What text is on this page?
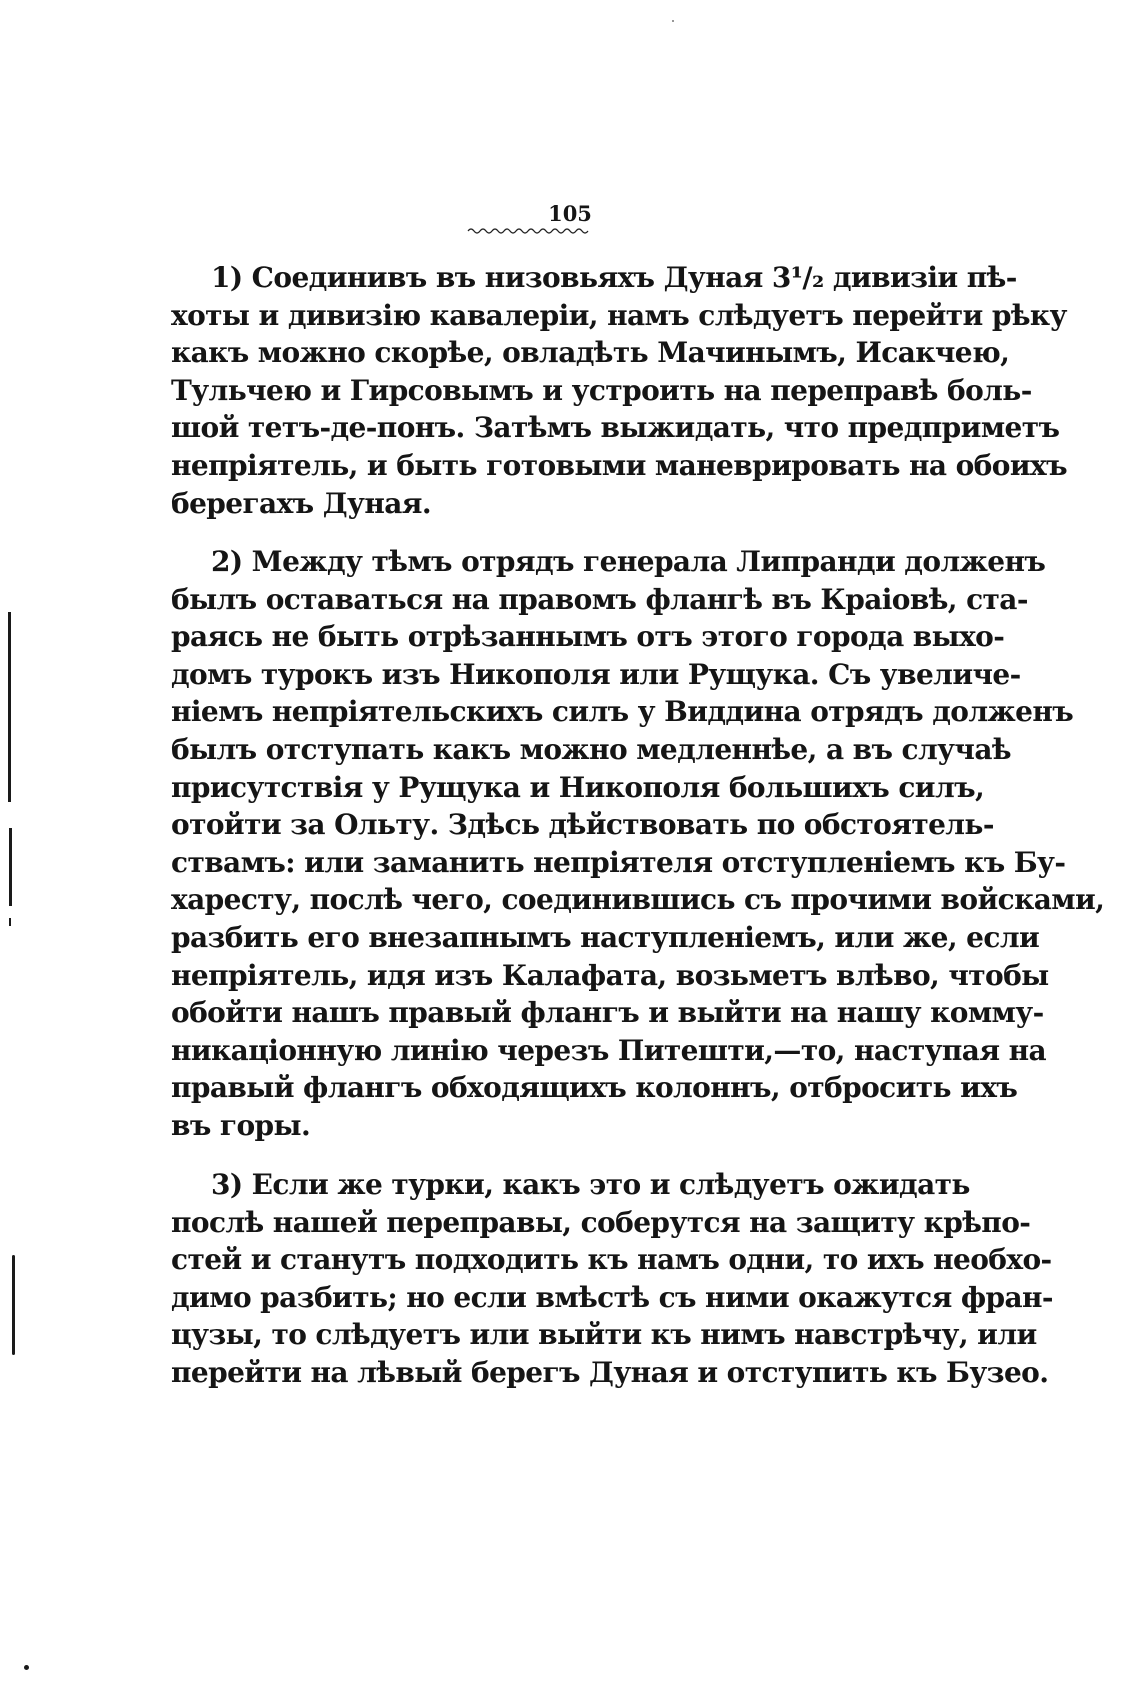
105
1) Соединивъ въ низовьяхъ Дуная 3¹/₂ дивизіи пѣ-
хоты и дивизію кавалеріи, намъ слѣдуетъ перейти рѣку
какъ можно скорѣе, овладѣть Мачинымъ, Исакчею,
Тульчею и Гирсовымъ и устроить на переправѣ боль-
шой тетъ-де-понъ. Затѣмъ выжидать, что предприметъ
непріятель, и быть готовыми маневрировать на обоихъ
берегахъ Дуная.
2) Между тѣмъ отрядъ генерала Липранди долженъ
былъ оставаться на правомъ флангѣ въ Краіовѣ, ста-
раясь не быть отрѣзаннымъ отъ этого города выхо-
домъ турокъ изъ Никополя или Рущука. Съ увеличе-
ніемъ непріятельскихъ силъ у Виддина отрядъ долженъ
былъ отступать какъ можно медленнѣе, а въ случаѣ
присутствія у Рущука и Никополя большихъ силъ,
отойти за Ольту. Здѣсь дѣйствовать по обстоятель-
ствамъ: или заманить непріятеля отступленіемъ къ Бу-
харесту, послѣ чего, соединившись съ прочими войсками,
разбить его внезапнымъ наступленіемъ, или же, если
непріятель, идя изъ Калафата, возьметъ влѣво, чтобы
обойти нашъ правый флангъ и выйти на нашу комму-
никаціонную линію черезъ Питешти,—то, наступая на
правый флангъ обходящихъ колоннъ, отбросить ихъ
въ горы.
3) Если же турки, какъ это и слѣдуетъ ожидать
послѣ нашей переправы, соберутся на защиту крѣпо-
стей и станутъ подходить къ намъ одни, то ихъ необхо-
димо разбить; но если вмѣстѣ съ ними окажутся фран-
цузы, то слѣдуетъ или выйти къ нимъ навстрѣчу, или
перейти на лѣвый берегъ Дуная и отступить къ Бузео.
